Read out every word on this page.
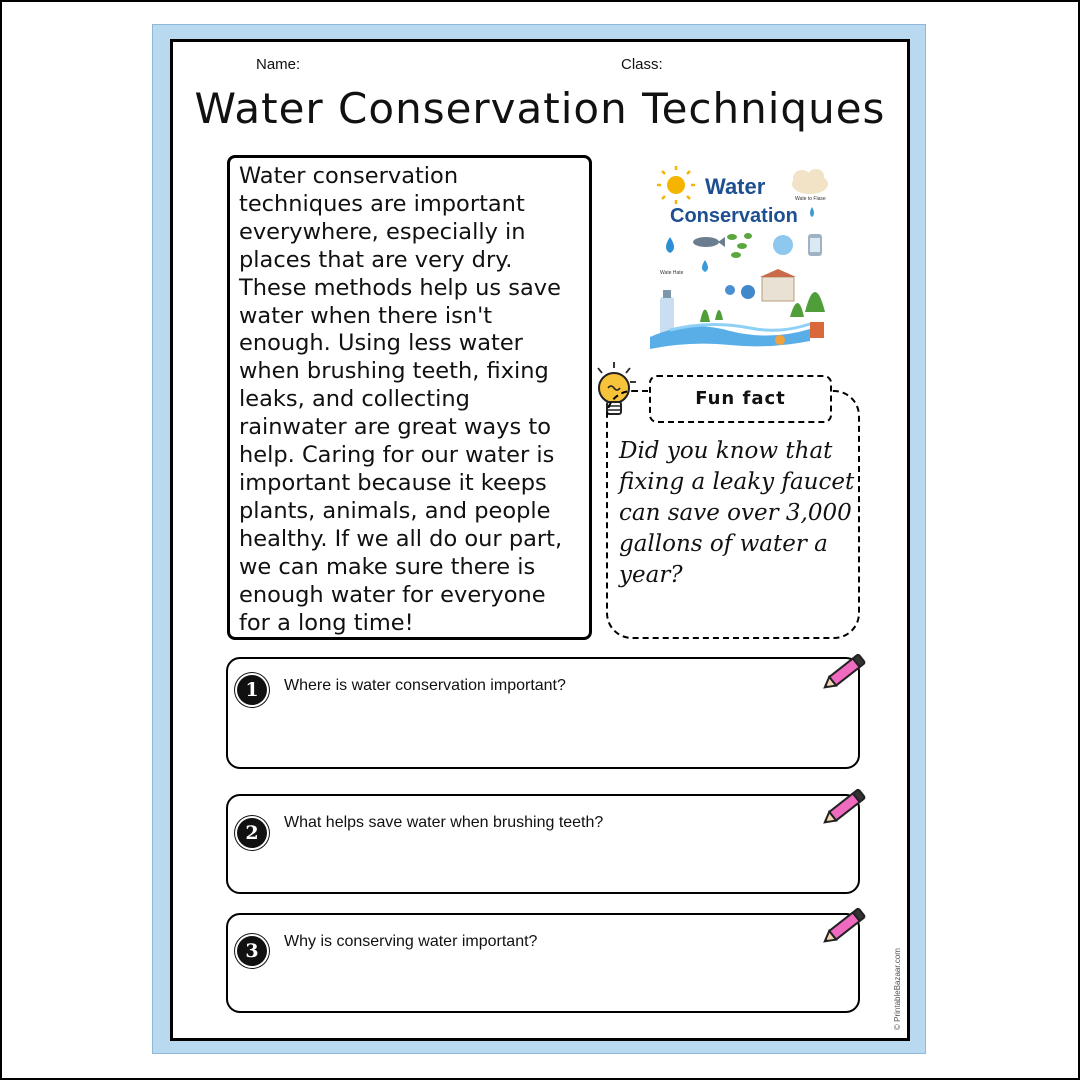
Name:	Class:
Water Conservation Techniques
Water conservation techniques are important everywhere, especially in places that are very dry. These methods help us save water when there isn't enough. Using less water when brushing teeth, fixing leaks, and collecting rainwater are great ways to help. Caring for our water is important because it keeps plants, animals, and people healthy. If we all do our part, we can make sure there is enough water for everyone for a long time!
Water
Conservation
Wate to Flase
Wate Hate
Fun fact
Did you know that fixing a leaky faucet can save over 3,000 gallons of water a year?
1	Where is water conservation important?
2	What helps save water when brushing teeth?
3	Why is conserving water important?
© PrintableBazaar.com
